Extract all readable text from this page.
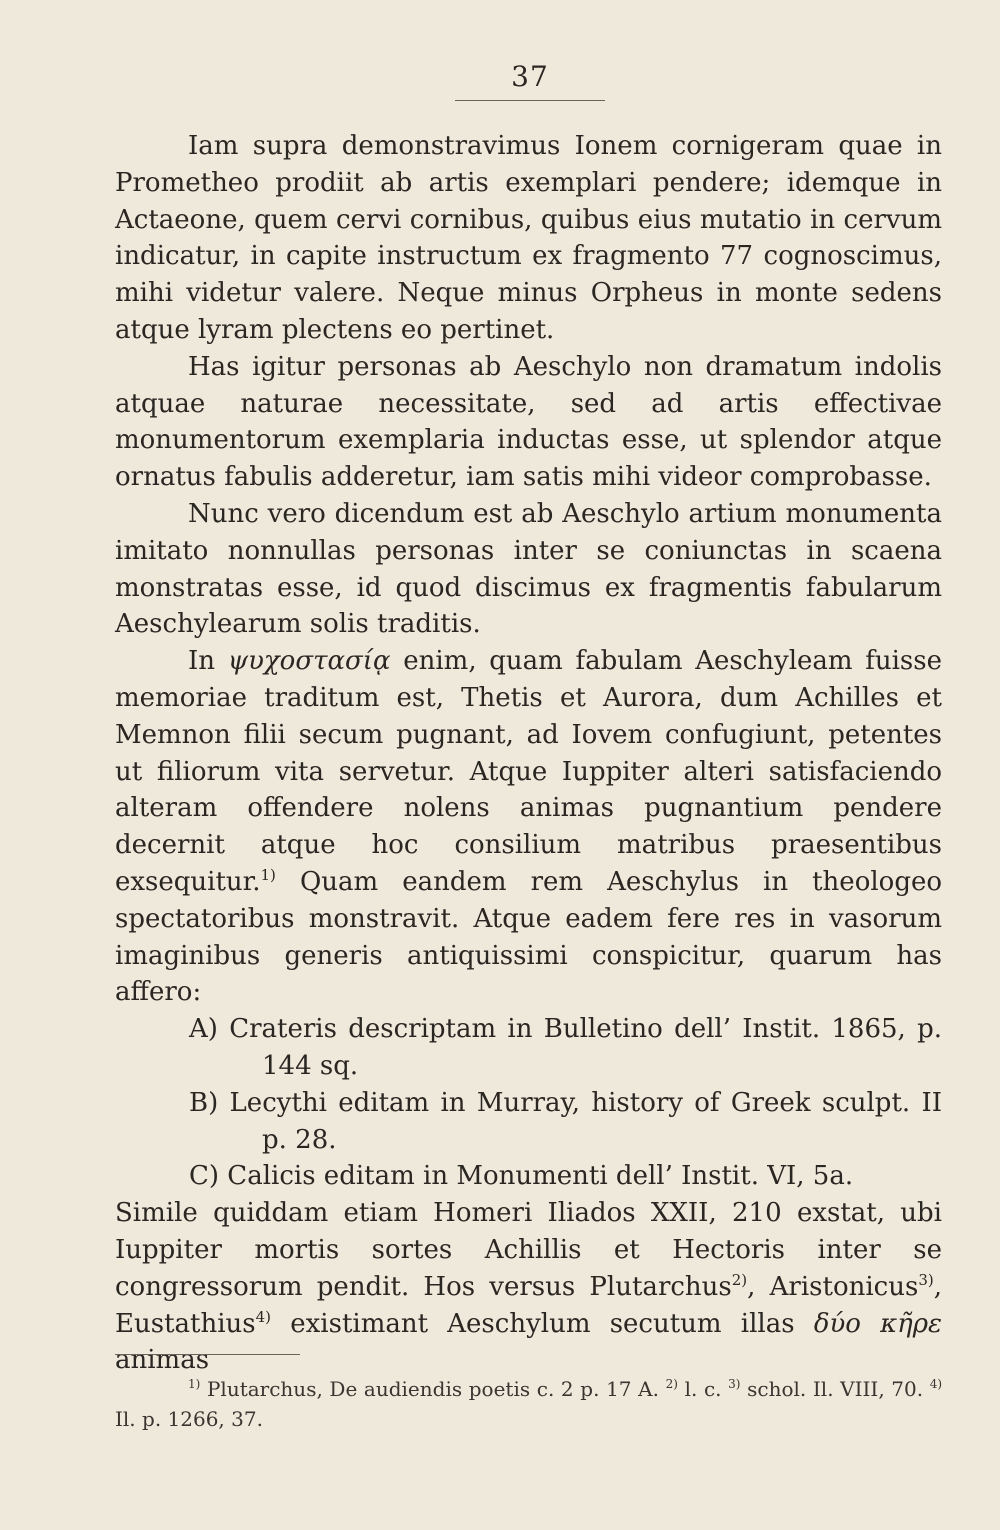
37

Iam supra demonstravimus Ionem cornigeram quae in Prometheo prodiit ab artis exemplari pendere; idemque in Actaeone, quem cervi cornibus, quibus eius mutatio in cervum indicatur, in capite instructum ex fragmento 77 cognoscimus, mihi videtur valere. Neque minus Orpheus in monte sedens atque lyram plectens eo pertinet.

Has igitur personas ab Aeschylo non dramatum indolis atquae naturae necessitate, sed ad artis effectivae monumentorum exemplaria inductas esse, ut splendor atque ornatus fabulis adderetur, iam satis mihi videor comprobasse.

Nunc vero dicendum est ab Aeschylo artium monumenta imitato nonnullas personas inter se coniunctas in scaena monstratas esse, id quod discimus ex fragmentis fabularum Aeschylearum solis traditis.

In ψυχοστασίᾳ enim, quam fabulam Aeschyleam fuisse memoriae traditum est, Thetis et Aurora, dum Achilles et Memnon filii secum pugnant, ad Iovem confugiunt, petentes ut filiorum vita servetur. Atque Iuppiter alteri satisfaciendo alteram offendere nolens animas pugnantium pendere decernit atque hoc consilium matribus praesentibus exsequitur.$^{1)}$ Quam eandem rem Aeschylus in theologeo spectatoribus monstravit. Atque eadem fere res in vasorum imaginibus generis antiquissimi conspicitur, quarum has affero:

A) Crateris descriptam in Bulletino dell’ Instit. 1865, p. 144 sq.

B) Lecythi editam in Murray, history of Greek sculpt. II p. 28.

C) Calicis editam in Monumenti dell’ Instit. VI, 5a.

Simile quiddam etiam Homeri Iliados XXII, 210 exstat, ubi Iuppiter mortis sortes Achillis et Hectoris inter se congressorum pendit. Hos versus Plutarchus$^{2)}$, Aristonicus$^{3)}$, Eustathius$^{4)}$ existimant Aeschylum secutum illas δύο κῆρε animas

$^{1)}$ Plutarchus, De audiendis poetis c. 2 p. 17 A. $^{2)}$ l. c. $^{3)}$ schol. Il. VIII, 70. $^{4)}$ Il. p. 1266, 37.
